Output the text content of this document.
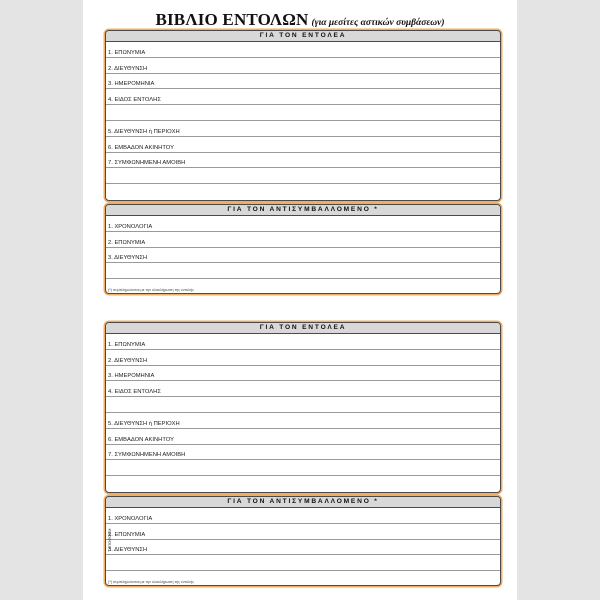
ΒΙΒΛΙΟ ΕΝΤΟΛΩΝ (για μεσίτες αστικών συμβάσεων)
ΓΙΑ ΤΟΝ ΕΝΤΟΛΕΑ
1. ΕΠΩΝΥΜΙΑ
2. ΔΙΕΥΘΥΝΣΗ
3. ΗΜΕΡΟΜΗΝΙΑ
4. ΕΙΔΟΣ ΕΝΤΟΛΗΣ
5. ΔΙΕΥΘΥΝΣΗ ή ΠΕΡΙΟΧΗ
6. ΕΜΒΑΔΟΝ ΑΚΙΝΗΤΟΥ
7. ΣΥΜΦΩΝΗΜΕΝΗ ΑΜΟΙΒΗ
ΓΙΑ ΤΟΝ ΑΝΤΙΣΥΜΒΑΛΛΟΜΕΝΟ *
1. ΧΡΟΝΟΛΟΓΙΑ
2. ΕΠΩΝΥΜΙΑ
3. ΔΙΕΥΘΥΝΣΗ
(*) συμπληρώνεται με την ολοκλήρωση της εντολής
ΓΙΑ ΤΟΝ ΕΝΤΟΛΕΑ
1. ΕΠΩΝΥΜΙΑ
2. ΔΙΕΥΘΥΝΣΗ
3. ΗΜΕΡΟΜΗΝΙΑ
4. ΕΙΔΟΣ ΕΝΤΟΛΗΣ
5. ΔΙΕΥΘΥΝΣΗ ή ΠΕΡΙΟΧΗ
6. ΕΜΒΑΔΟΝ ΑΚΙΝΗΤΟΥ
7. ΣΥΜΦΩΝΗΜΕΝΗ ΑΜΟΙΒΗ
ΓΙΑ ΤΟΝ ΑΝΤΙΣΥΜΒΑΛΛΟΜΕΝΟ *
1. ΧΡΟΝΟΛΟΓΙΑ
2. ΕΠΩΝΥΜΙΑ
3. ΔΙΕΥΘΥΝΣΗ
(*) συμπληρώνεται με την ολοκλήρωση της εντολής
ΤΥΠΟΦΟΡΜ
